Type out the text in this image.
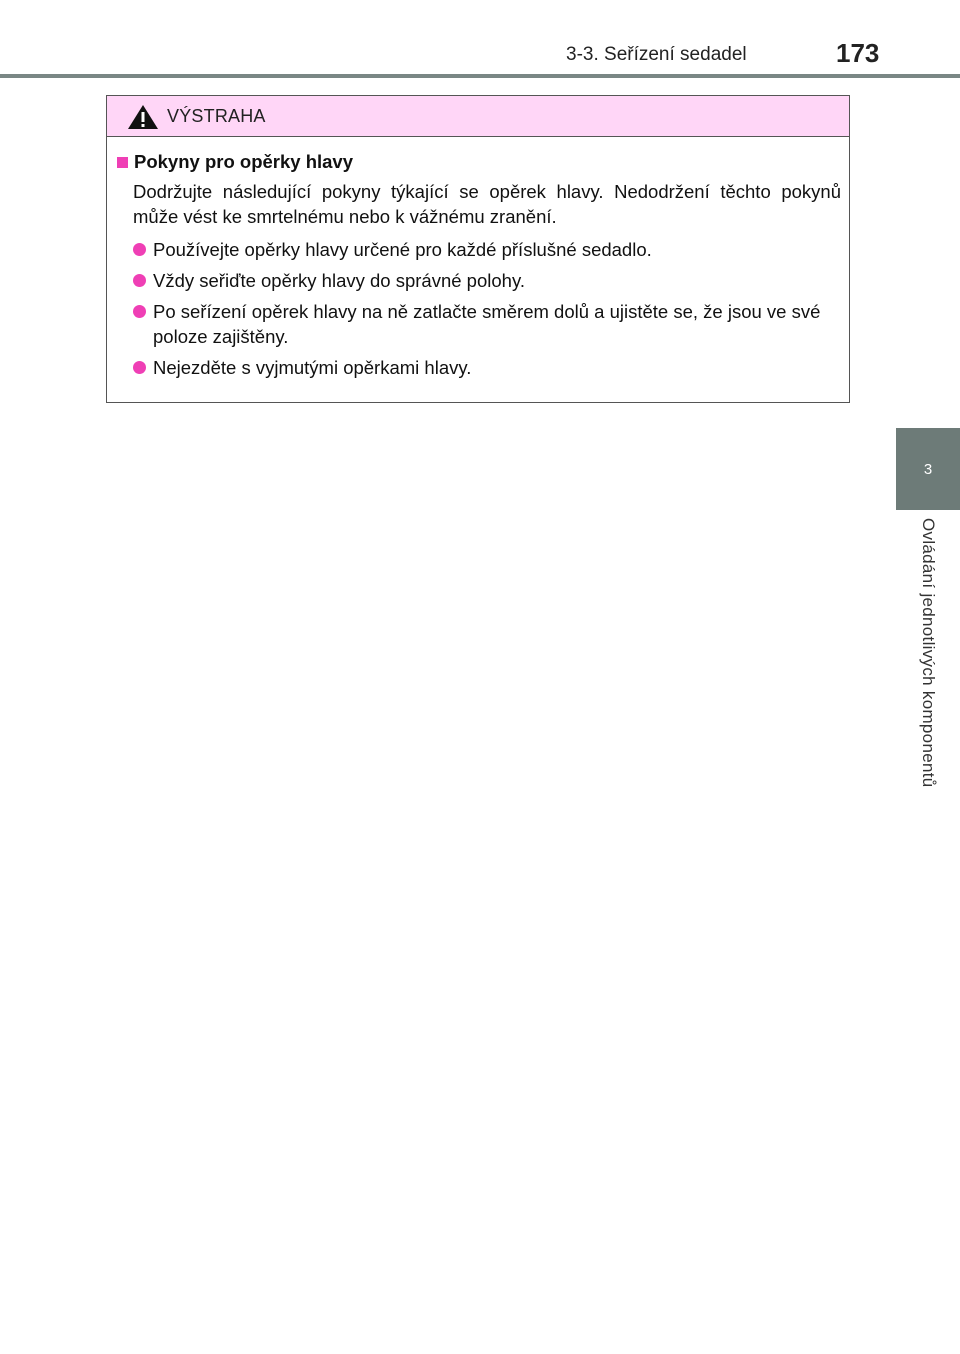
3-3. Seřízení sedadel	173
3
Ovládání jednotlivých komponentů
VÝSTRAHA
Pokyny pro opěrky hlavy
Dodržujte následující pokyny týkající se opěrek hlavy. Nedodržení těchto pokynů může vést ke smrtelnému nebo k vážnému zranění.
Používejte opěrky hlavy určené pro každé příslušné sedadlo.
Vždy seřiďte opěrky hlavy do správné polohy.
Po seřízení opěrek hlavy na ně zatlačte směrem dolů a ujistěte se, že jsou ve své poloze zajištěny.
Nejezděte s vyjmutými opěrkami hlavy.
